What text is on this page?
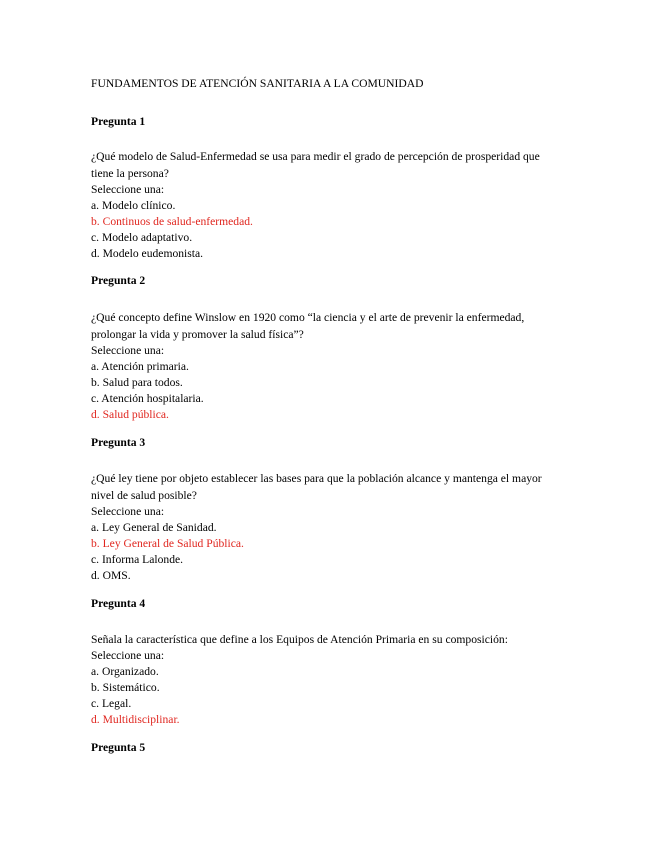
FUNDAMENTOS DE ATENCIÓN SANITARIA A LA COMUNIDAD
Pregunta 1
¿Qué modelo de Salud-Enfermedad se usa para medir el grado de percepción de prosperidad que tiene la persona?
Seleccione una:
a. Modelo clínico.
b. Continuos de salud-enfermedad.
c. Modelo adaptativo.
d. Modelo eudemonista.
Pregunta 2
¿Qué concepto define Winslow en 1920 como “la ciencia y el arte de prevenir la enfermedad, prolongar la vida y promover la salud física”?
Seleccione una:
a. Atención primaria.
b. Salud para todos.
c. Atención hospitalaria.
d. Salud pública.
Pregunta 3
¿Qué ley tiene por objeto establecer las bases para que la población alcance y mantenga el mayor nivel de salud posible?
Seleccione una:
a. Ley General de Sanidad.
b. Ley General de Salud Pública.
c. Informa Lalonde.
d. OMS.
Pregunta 4
Señala la característica que define a los Equipos de Atención Primaria en su composición:
Seleccione una:
a. Organizado.
b. Sistemático.
c. Legal.
d. Multidisciplinar.
Pregunta 5
